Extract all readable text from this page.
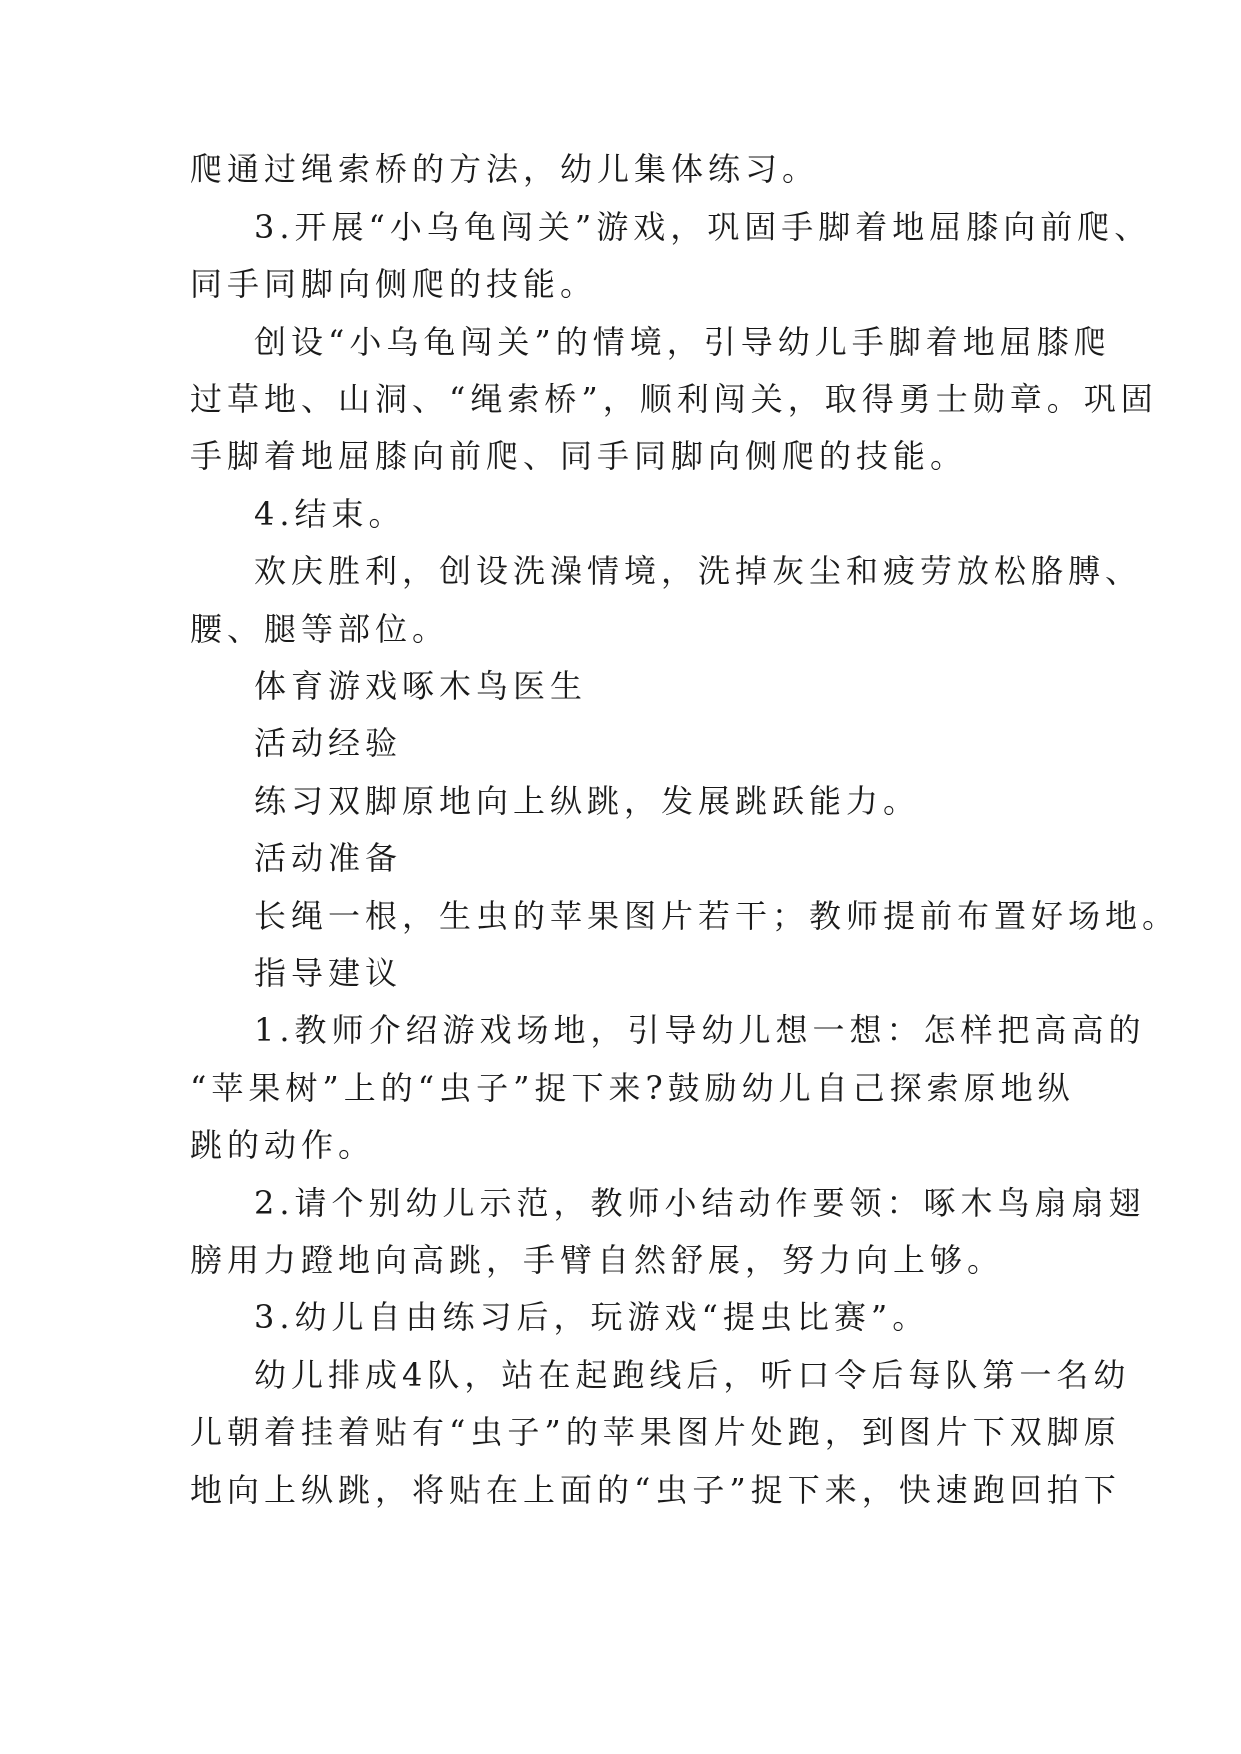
爬通过绳索桥的方法，幼儿集体练习。
3.开展“小乌龟闯关”游戏，巩固手脚着地屈膝向前爬、
同手同脚向侧爬的技能。
创设“小乌龟闯关”的情境，引导幼儿手脚着地屈膝爬
过草地、山洞、“绳索桥”，顺利闯关，取得勇士勋章。巩固
手脚着地屈膝向前爬、同手同脚向侧爬的技能。
4.结束。
欢庆胜利，创设洗澡情境，洗掉灰尘和疲劳放松胳膊、
腰、腿等部位。
体育游戏啄木鸟医生
活动经验
练习双脚原地向上纵跳，发展跳跃能力。
活动准备
长绳一根，生虫的苹果图片若干；教师提前布置好场地。
指导建议
1.教师介绍游戏场地，引导幼儿想一想：怎样把高高的
“苹果树”上的“虫子”捉下来?鼓励幼儿自己探索原地纵
跳的动作。
2.请个别幼儿示范，教师小结动作要领：啄木鸟扇扇翅
膀用力蹬地向高跳，手臂自然舒展，努力向上够。
3.幼儿自由练习后，玩游戏“提虫比赛”。
幼儿排成4队，站在起跑线后，听口令后每队第一名幼
儿朝着挂着贴有“虫子”的苹果图片处跑，到图片下双脚原
地向上纵跳，将贴在上面的“虫子”捉下来，快速跑回拍下
